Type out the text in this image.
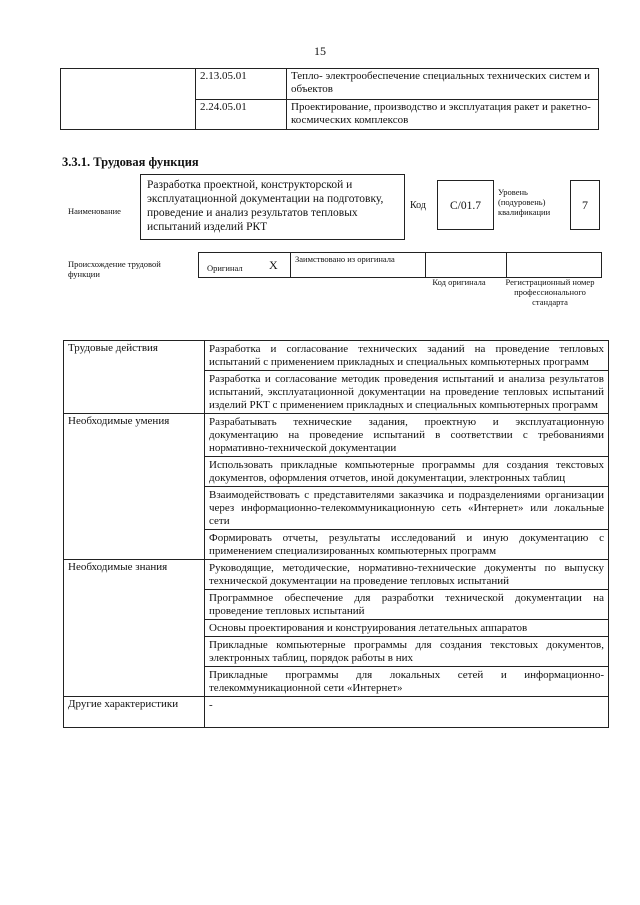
15
	2.13.05.01	Тепло- электрообеспечение специальных технических систем и объектов
	2.24.05.01	Проектирование, производство и эксплуатация ракет и ракетно-космических комплексов
3.3.1. Трудовая функция
Наименование
Разработка проектной, конструкторской и эксплуатационной документации на подготовку, проведение и анализ результатов тепловых испытаний изделий РКТ
Код	C/01.7
Уровень (подуровень) квалификации	7
Происхождение трудовой функции
Оригинал X Заимствовано из оригинала
Код оригинала	Регистрационный номер профессионального стандарта
Трудовые действия	Разработка и согласование технических заданий на проведение тепловых испытаний с применением прикладных и специальных компьютерных программ
	Разработка и согласование методик проведения испытаний и анализа результатов испытаний, эксплуатационной документации на проведение тепловых испытаний изделий РКТ с применением прикладных и специальных компьютерных программ
Необходимые умения	Разрабатывать технические задания, проектную и эксплуатационную документацию на проведение испытаний в соответствии с требованиями нормативно-технической документации
	Использовать прикладные компьютерные программы для создания текстовых документов, оформления отчетов, иной документации, электронных таблиц
	Взаимодействовать с представителями заказчика и подразделениями организации через информационно-телекоммуникационную сеть «Интернет» или локальные сети
	Формировать отчеты, результаты исследований и иную документацию с применением специализированных компьютерных программ
Необходимые знания	Руководящие, методические, нормативно-технические документы по выпуску технической документации на проведение тепловых испытаний
	Программное обеспечение для разработки технической документации на проведение тепловых испытаний
	Основы проектирования и конструирования летательных аппаратов
	Прикладные компьютерные программы для создания текстовых документов, электронных таблиц, порядок работы в них
	Прикладные программы для локальных сетей и информационно-телекоммуникационной сети «Интернет»
Другие характеристики	-
